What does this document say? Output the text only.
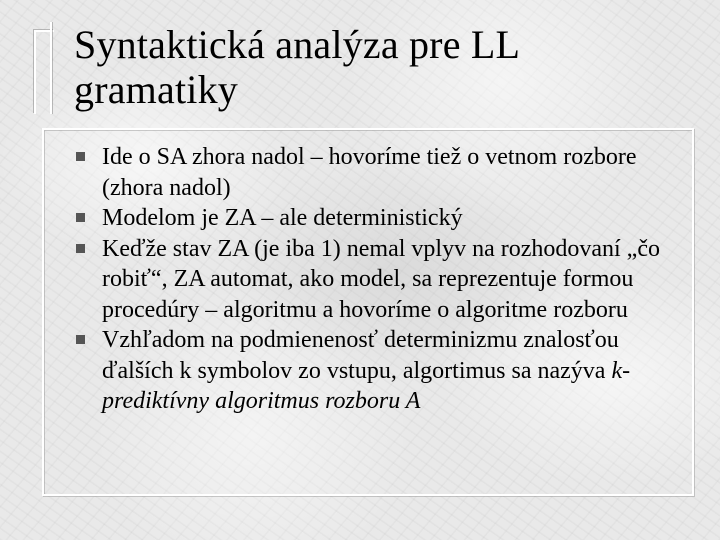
Syntaktická analýza pre LL gramatiky
Ide o SA zhora nadol – hovoríme tiež o vetnom rozbore (zhora nadol)
Modelom je ZA – ale deterministický
Keďže stav ZA (je iba 1) nemal vplyv na rozhodovaní „čo robiť“, ZA automat, ako model, sa reprezentuje formou procedúry – algoritmu a hovoríme o algoritme rozboru
Vzhľadom na podmienenosť determinizmu znalosťou ďalších k symbolov zo vstupu, algortimus sa nazýva k-prediktívny algoritmus rozboru A
